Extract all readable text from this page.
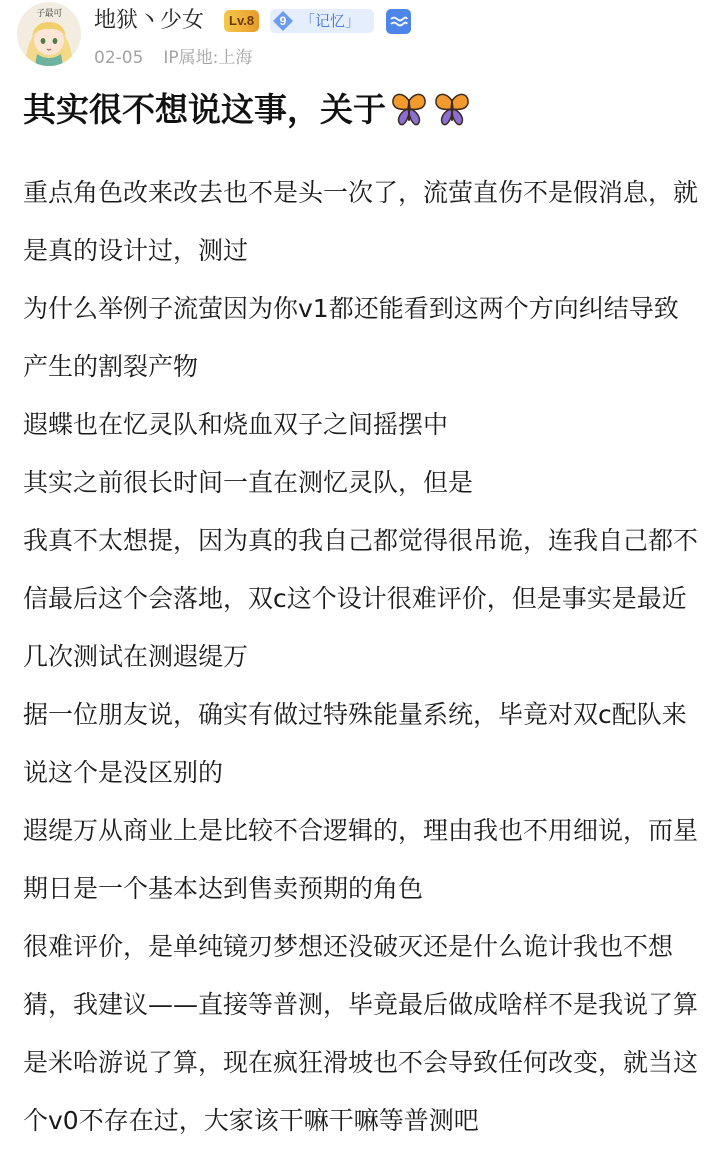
子最可	地狱丶少女	Lv.8	9 「记忆」
02-05 IP属地:上海
其实很不想说这事，关于

重点角色改来改去也不是头一次了，流萤直伤不是假消息，就是真的设计过，测过

为什么举例子流萤因为你v1都还能看到这两个方向纠结导致产生的割裂产物

遐蝶也在忆灵队和烧血双子之间摇摆中

其实之前很长时间一直在测忆灵队，但是

我真不太想提，因为真的我自己都觉得很吊诡，连我自己都不信最后这个会落地，双c这个设计很难评价，但是事实是最近几次测试在测遐缇万

据一位朋友说，确实有做过特殊能量系统，毕竟对双c配队来说这个是没区别的

遐缇万从商业上是比较不合逻辑的，理由我也不用细说，而星期日是一个基本达到售卖预期的角色

很难评价，是单纯镜刃梦想还没破灭还是什么诡计我也不想猜，我建议——直接等普测，毕竟最后做成啥样不是我说了算是米哈游说了算，现在疯狂滑坡也不会导致任何改变，就当这个v0不存在过，大家该干嘛干嘛等普测吧
